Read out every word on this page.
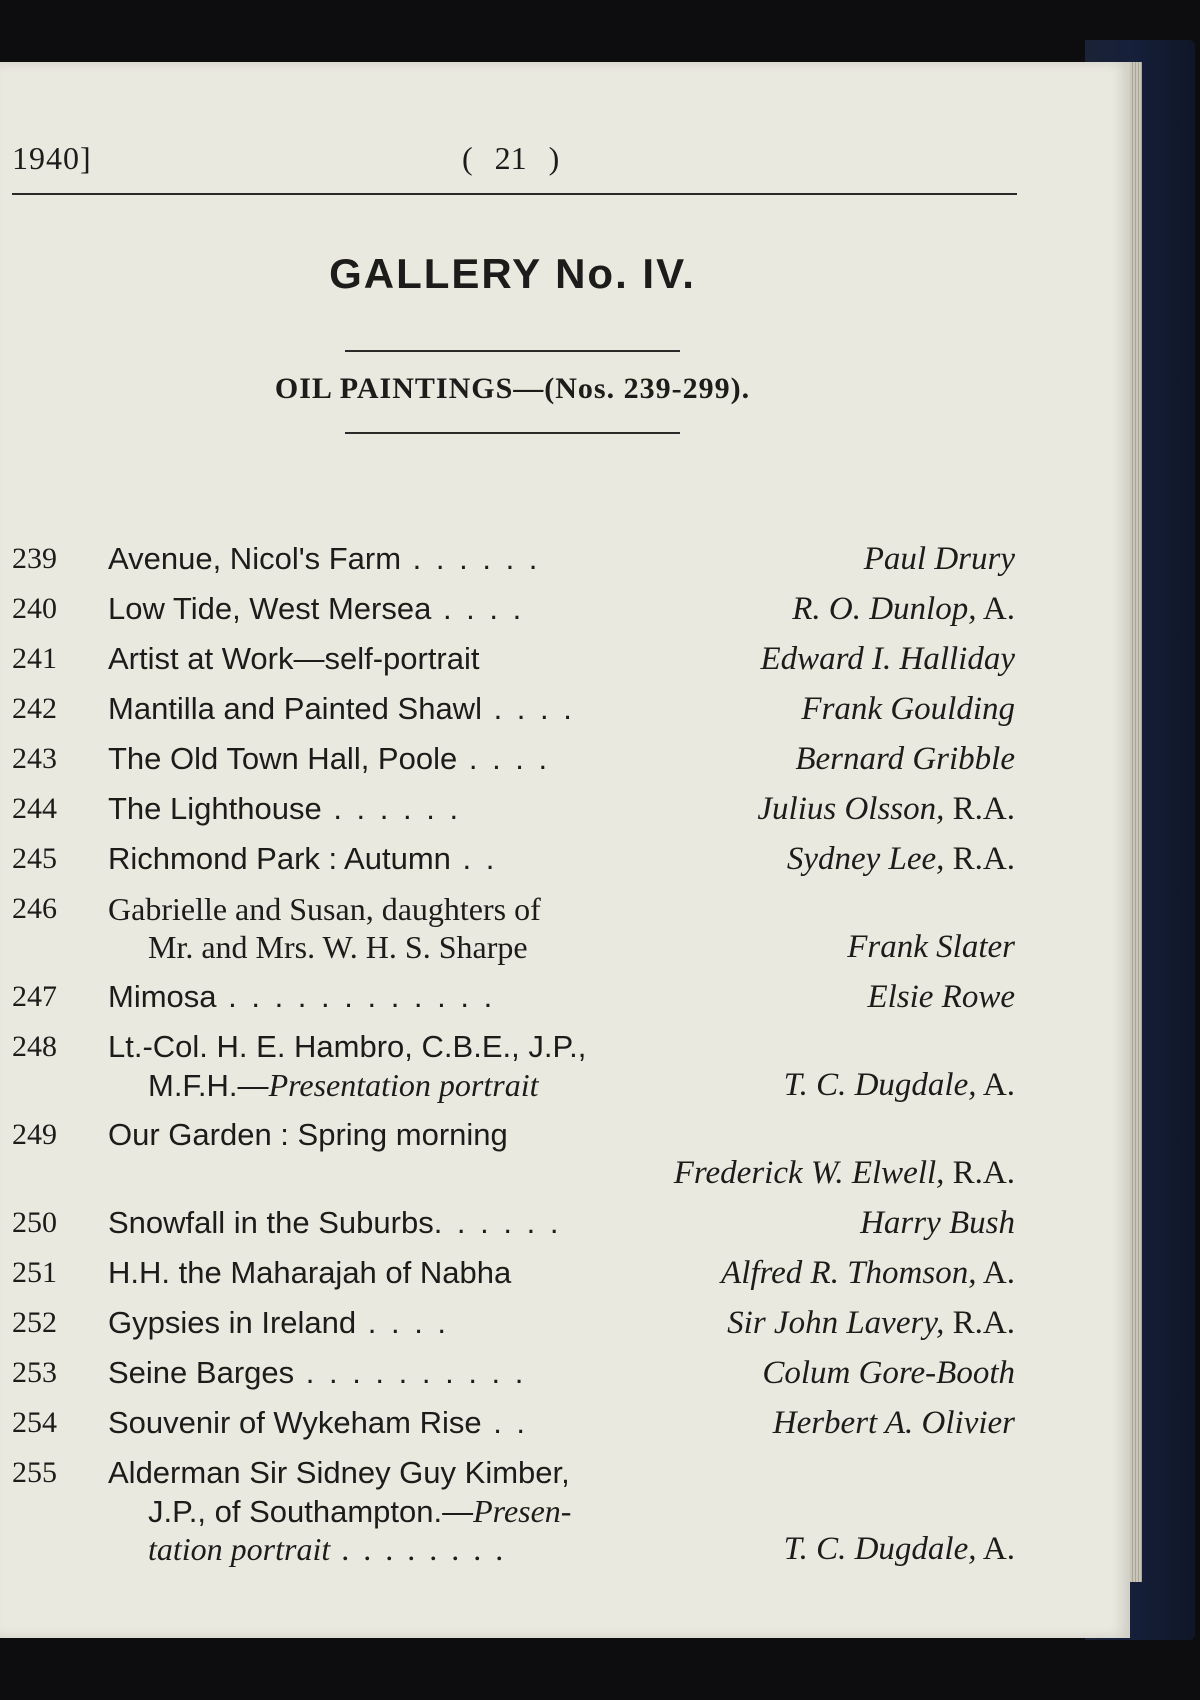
1940]	( 21 )
GALLERY No. IV.
OIL PAINTINGS—(Nos. 239-299).
239	Avenue, Nicol's Farm . . . . . .	Paul Drury
240	Low Tide, West Mersea . . . .	R. O. Dunlop, A.
241	Artist at Work—self-portrait	Edward I. Halliday
242	Mantilla and Painted Shawl . . . .	Frank Goulding
243	The Old Town Hall, Poole . . . .	Bernard Gribble
244	The Lighthouse . . . . . .	Julius Olsson, R.A.
245	Richmond Park : Autumn . .	Sydney Lee, R.A.
246	Gabrielle and Susan, daughters of
Mr. and Mrs. W. H. S. Sharpe	Frank Slater
247	Mimosa . . . . . . . . . . . .	Elsie Rowe
248	Lt.-Col. H. E. Hambro, C.B.E., J.P.,
M.F.H.—Presentation portrait	T. C. Dugdale, A.
249	Our Garden : Spring morning
Frederick W. Elwell, R.A.
250	Snowfall in the Suburbs. . . . . .	Harry Bush
251	H.H. the Maharajah of Nabha	Alfred R. Thomson, A.
252	Gypsies in Ireland . . . .	Sir John Lavery, R.A.
253	Seine Barges . . . . . . . . . .	Colum Gore-Booth
254	Souvenir of Wykeham Rise . .	Herbert A. Olivier
255	Alderman Sir Sidney Guy Kimber,
J.P., of Southampton.—Presen-
tation portrait . . . . . . . .	T. C. Dugdale, A.
